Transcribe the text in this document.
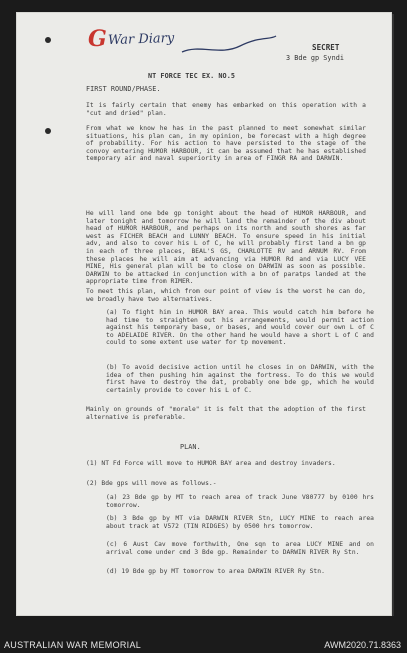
G War Diary	SECRET
3 Bde gp Syndi
NT FORCE TEC EX. NO.5
FIRST ROUND/PHASE.
It is fairly certain that enemy has embarked on this operation with a "cut and dried" plan.
From what we know he has in the past planned to meet somewhat similar situations, his plan can, in my opinion, be forecast with a high degree of probability. For his action to have persisted to the stage of the convoy entering HUMOR HARBOUR, it can be assumed that he has established temporary air and naval superiority in area of FINGR RA and DARWIN.
He will land one bde gp tonight about the head of HUMOR HARBOUR, and later tonight and tomorrow he will land the remainder of the div about head of HUMOR HARBOUR, and perhaps on its north and south shores as far west as FICHER BEACH and LUNNY BEACH. To ensure speed in his initial adv, and also to cover his L of C, he will probably first land a bn gp in each of three places, BEAL'S GS, CHARLOTTE RV and ARNUM RV. From these places he will aim at advancing via HUMOR Rd and via LUCY VEE MINE, His general plan will be to close on DARWIN as soon as possible. DARWIN to be attacked in conjunction with a bn of paratps landed at the appropriate time from RIMER.
To meet this plan, which from our point of view is the worst he can do, we broadly have two alternatives.
(a) To fight him in HUMOR BAY area. This would catch him before he had time to straighten out his arrangements, would permit action against his temporary base, or bases, and would cover our own L of C to ADELAIDE RIVER. On the other hand he would have a short L of C and could to some extent use water for tp movement.
(b) To avoid decisive action until he closes in on DARWIN, with the idea of then pushing him against the fortress. To do this we would first have to destroy the dat, probably one bde gp, which he would certainly provide to cover his L of C.
Mainly on grounds of "morale" it is felt that the adoption of the first alternative is preferable.
PLAN.
(1) NT Fd Force will move to HUMOR BAY area and destroy invaders.
(2) Bde gps will move as follows.-
(a) 23 Bde gp by MT to reach area of track June V80777 by 0100 hrs tomorrow.
(b) 3 Bde gp by MT via DARWIN RIVER Stn, LUCY MINE to reach area about track at V572 (TIN RIDGES) by 0500 hrs tomorrow.
(c) 6 Aust Cav move forthwith, One sqn to area LUCY MINE and on arrival come under cmd 3 Bde gp. Remainder to DARWIN RIVER Ry Stn.
(d) 19 Bde gp by MT tomorrow to area DARWIN RIVER Ry Stn.
AUSTRALIAN WAR MEMORIAL	AWM2020.71.8363
